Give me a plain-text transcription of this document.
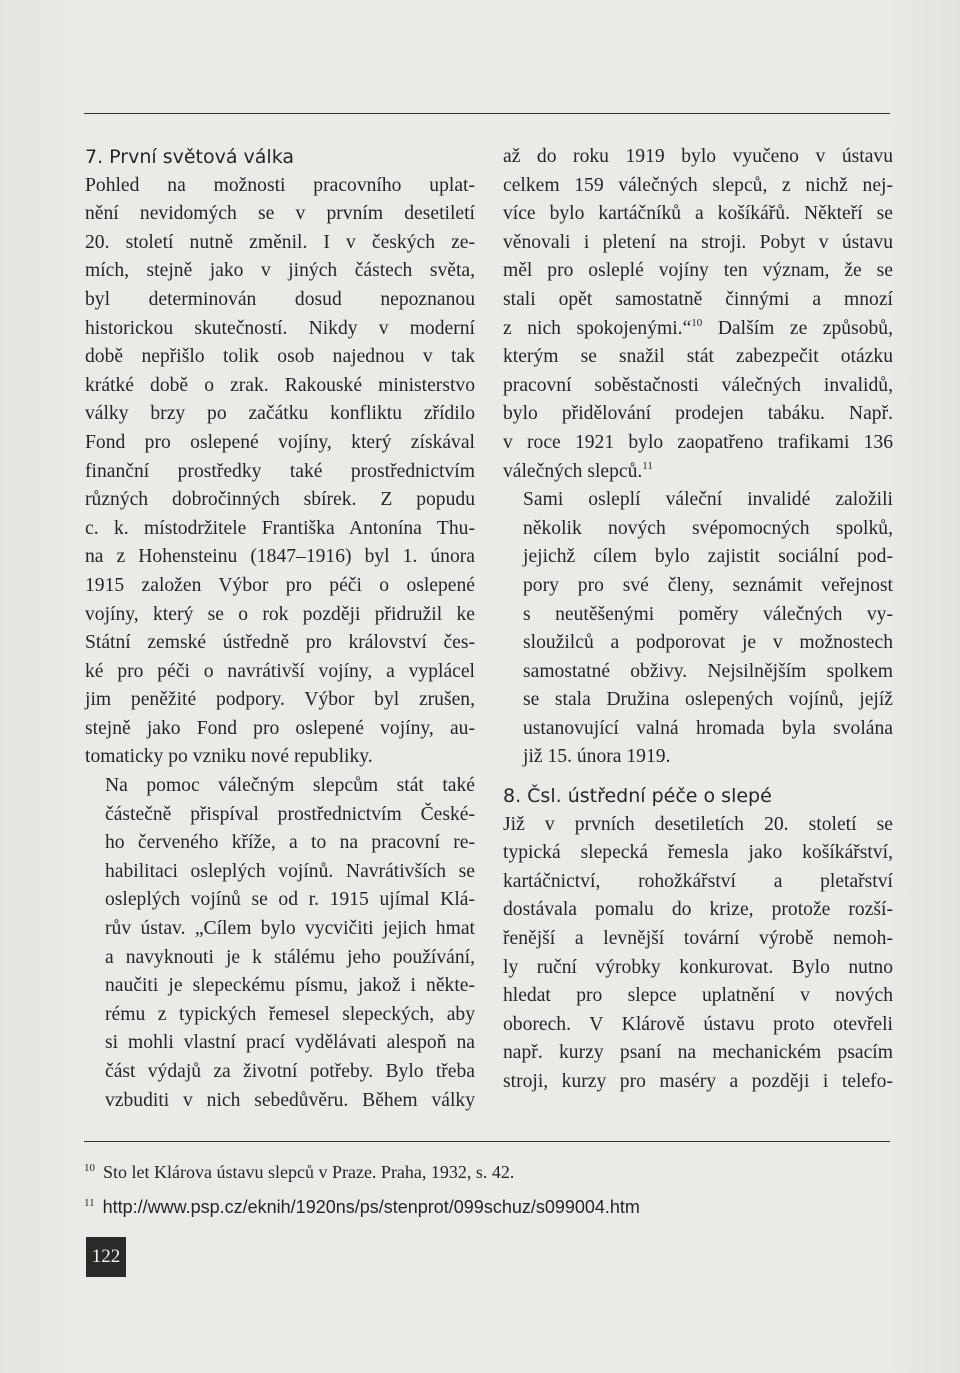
7. První světová válka

Pohled na možnosti pracovního uplat-
nění nevidomých se v prvním desetiletí
20. století nutně změnil. I v českých ze-
mích, stejně jako v jiných částech světa,
byl determinován dosud nepoznanou
historickou skutečností. Nikdy v moderní
době nepřišlo tolik osob najednou v tak
krátké době o zrak. Rakouské ministerstvo
války brzy po začátku konfliktu zřídilo
Fond pro oslepené vojíny, který získával
finanční prostředky také prostřednictvím
různých dobročinných sbírek. Z popudu
c. k. místodržitele Františka Antonína Thu-
na z Hohensteinu (1847–1916) byl 1. února
1915 založen Výbor pro péči o oslepené
vojíny, který se o rok později přidružil ke
Státní zemské ústředně pro království čes-
ké pro péči o navrátivší vojíny, a vyplácel
jim peněžité podpory. Výbor byl zrušen,
stejně jako Fond pro oslepené vojíny, au-
tomaticky po vzniku nové republiky.

Na pomoc válečným slepcům stát také
částečně přispíval prostřednictvím České-
ho červeného kříže, a to na pracovní re-
habilitaci oslepl‌ých vojínů. Navrátivších se
oslepl‌ých vojínů se od r. 1915 ujímal Klá-
rův ústav. „Cílem bylo vycvičiti jejich hmat
a navyknouti je k stálému jeho používání,
naučiti je slepeckému písmu, jakož i někte-
rému z typických řemesel slepeckých, aby
si mohli vlastní prací vydělávati alespoň na
část výdajů za životní potřeby. Bylo třeba
vzbuditi v nich sebedůvěru. Během války

až do roku 1919 bylo vyučeno v ústavu
celkem 159 válečných slepců, z nichž nej-
více bylo kartáčníků a košíkářů. Někteří se
věnovali i pletení na stroji. Pobyt v ústavu
měl pro oslepl‌é vojíny ten význam, že se
stali opět samostatně činnými a mnozí
z nich spokojenými.“$^{10}$ Dalším ze způsobů,
kterým se snažil stát zabezpečit otázku
pracovní soběstačnosti válečných invalidů,
bylo přidělování prodejen tabáku. Např.
v roce 1921 bylo zaopatřeno trafikami 136
válečných slepců.$^{11}$

Sami oslepl‌í váleční invalidé založili
několik nových svépomocných spolků,
jejichž cílem bylo zajistit sociální pod-
pory pro své členy, seznámit veřejnost
s neutěšenými poměry válečných vy-
sloužilců a podporovat je v možnostech
samostatné obživy. Nejsilnějším spolkem
se stala Družina oslepených vojínů, jejíž
ustanovující valná hromada byla svolána
již 15. února 1919.

8. Čsl. ústřední péče o slepé

Již v prvních desetiletích 20. století se
typická slepecká řemesla jako košíkářství,
kartáčnictví, rohožkářství a pletařství
dostávala pomalu do krize, protože rozší-
řenější a levnější tovární výrobě nemoh-
ly ruční výrobky konkurovat. Bylo nutno
hledat pro slepce uplatnění v nových
oborech. V Klárově ústavu proto otevřeli
např. kurzy psaní na mechanickém psacím
stroji, kurzy pro maséry a později i telefo-

$^{10}$ Sto let Klárova ústavu slepců v Praze. Praha, 1932, s. 42.
$^{11}$ http://www.psp.cz/eknih/1920ns/ps/stenprot/099schuz/s099004.htm
122
